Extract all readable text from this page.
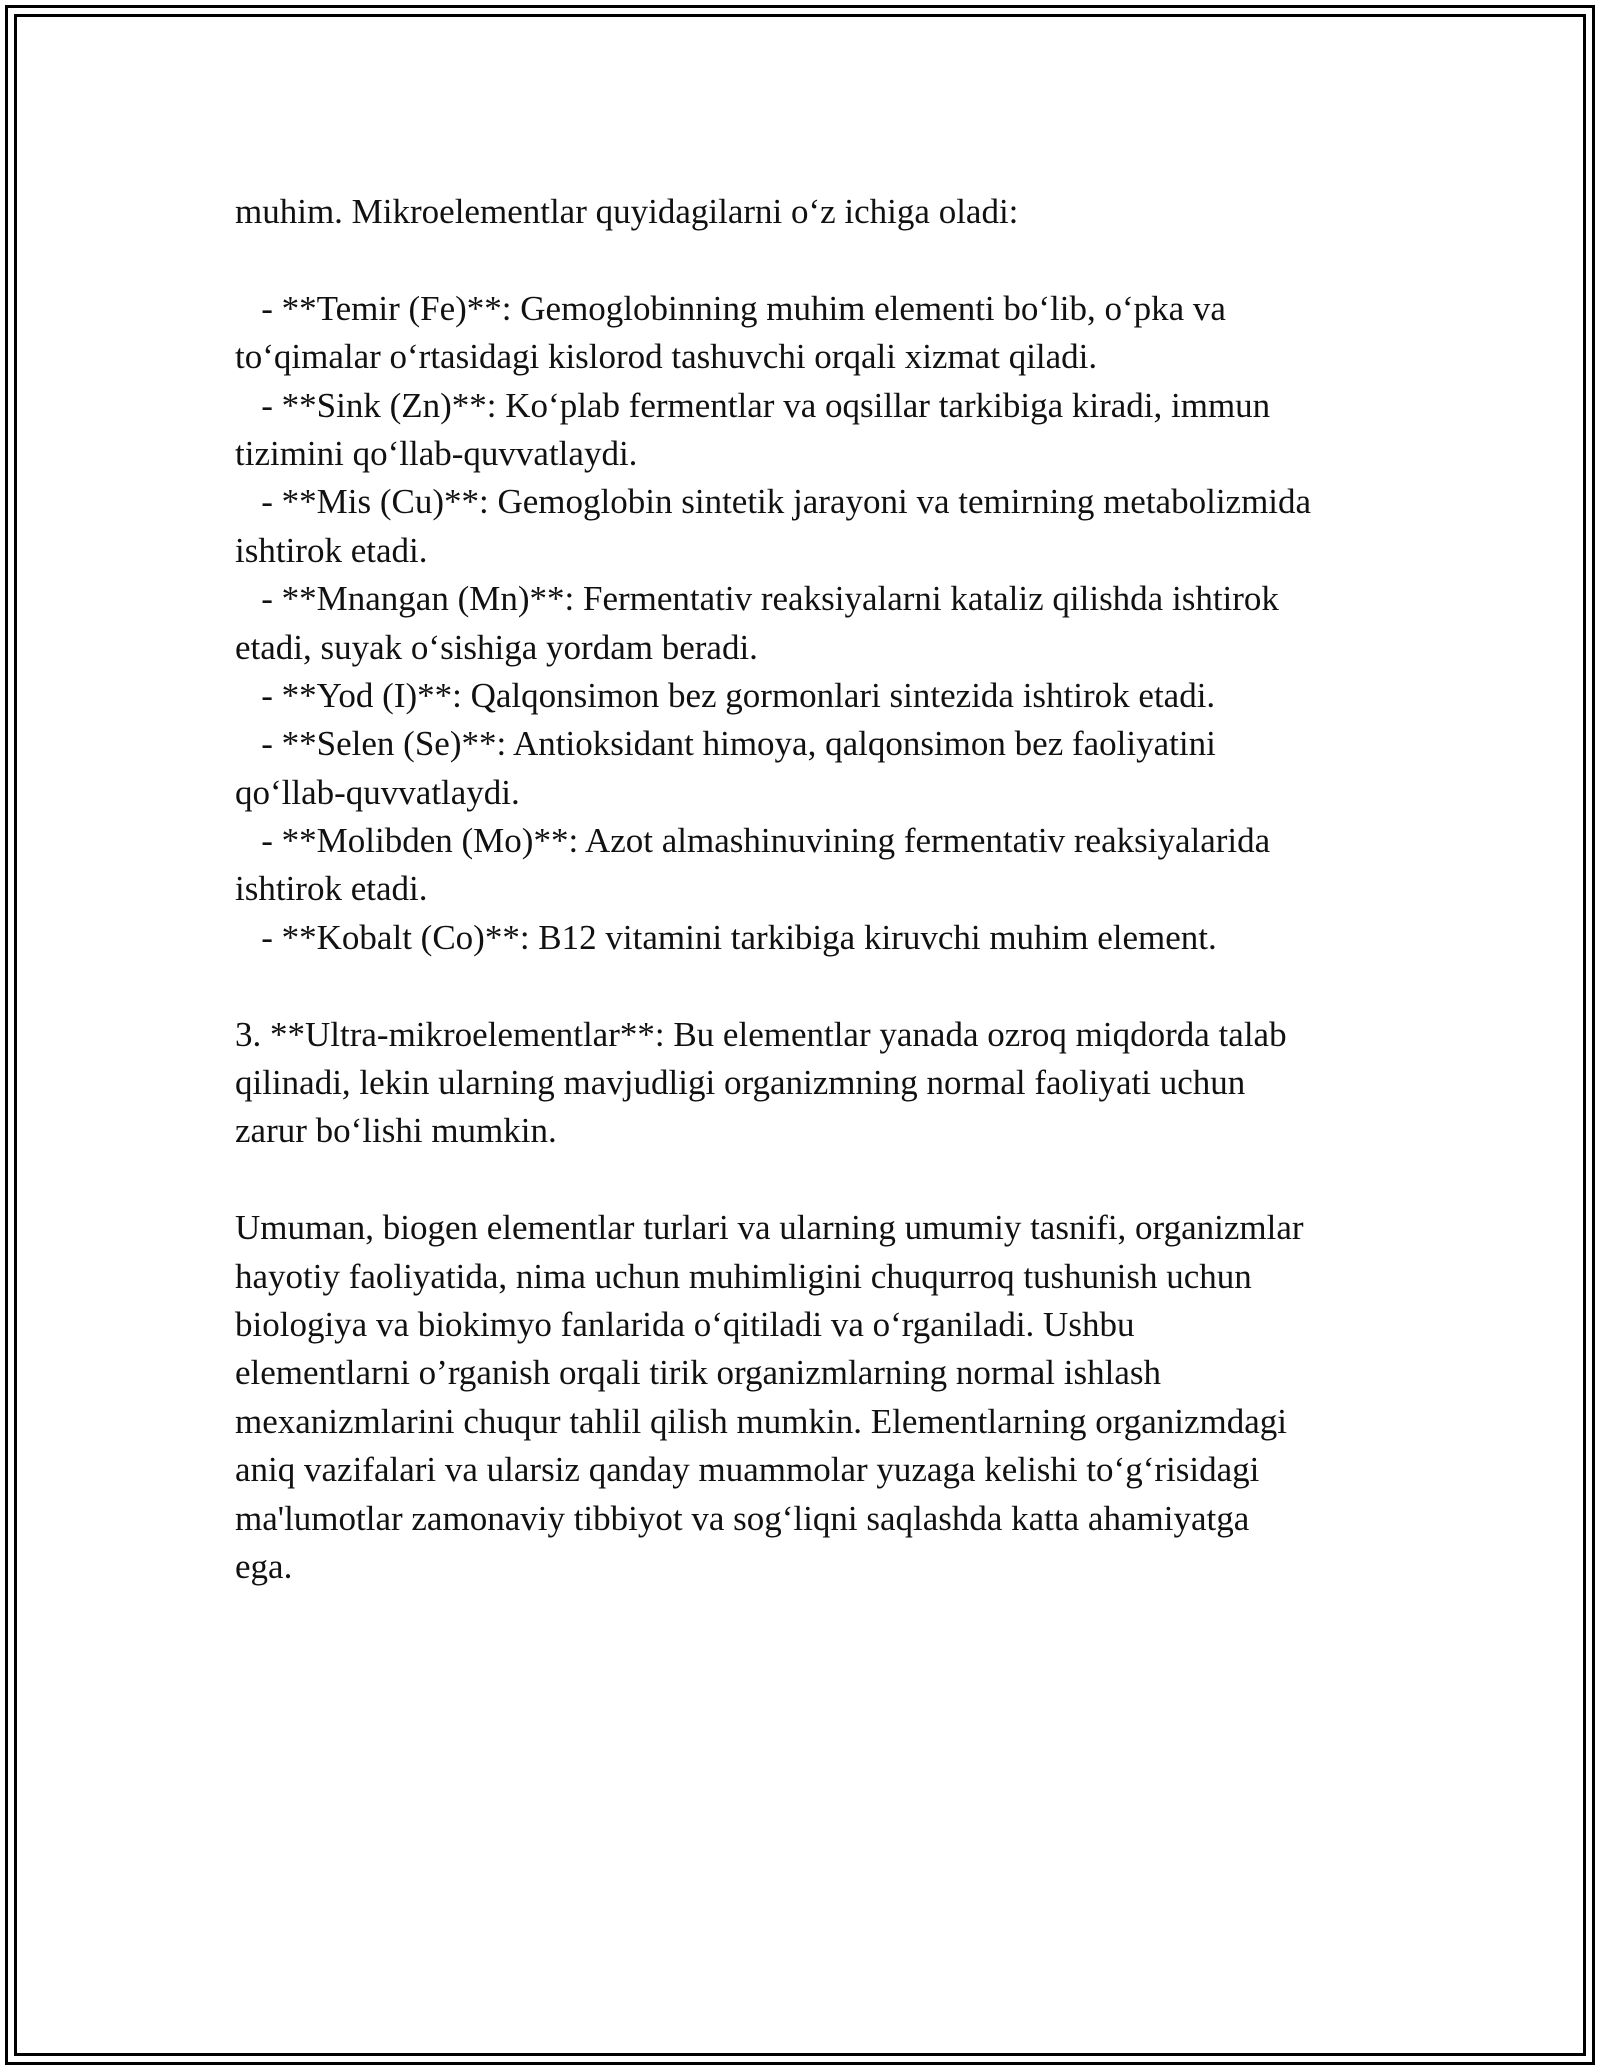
muhim. Mikroelementlar quyidagilarni o‘z ichiga oladi:
- **Temir (Fe)**: Gemoglobinning muhim elementi bo‘lib, o‘pka va
to‘qimalar o‘rtasidagi kislorod tashuvchi orqali xizmat qiladi.
- **Sink (Zn)**: Ko‘plab fermentlar va oqsillar tarkibiga kiradi, immun
tizimini qo‘llab-quvvatlaydi.
- **Mis (Cu)**: Gemoglobin sintetik jarayoni va temirning metabolizmida
ishtirok etadi.
- **Mnangan (Mn)**: Fermentativ reaksiyalarni kataliz qilishda ishtirok
etadi, suyak o‘sishiga yordam beradi.
- **Yod (I)**: Qalqonsimon bez gormonlari sintezida ishtirok etadi.
- **Selen (Se)**: Antioksidant himoya, qalqonsimon bez faoliyatini
qo‘llab-quvvatlaydi.
- **Molibden (Mo)**: Azot almashinuvining fermentativ reaksiyalarida
ishtirok etadi.
- **Kobalt (Co)**: B12 vitamini tarkibiga kiruvchi muhim element.
3. **Ultra-mikroelementlar**: Bu elementlar yanada ozroq miqdorda talab
qilinadi, lekin ularning mavjudligi organizmning normal faoliyati uchun
zarur bo‘lishi mumkin.
Umuman, biogen elementlar turlari va ularning umumiy tasnifi, organizmlar
hayotiy faoliyatida, nima uchun muhimligini chuqurroq tushunish uchun
biologiya va biokimyo fanlarida o‘qitiladi va o‘rganiladi. Ushbu
elementlarni o’rganish orqali tirik organizmlarning normal ishlash
mexanizmlarini chuqur tahlil qilish mumkin. Elementlarning organizmdagi
aniq vazifalari va ularsiz qanday muammolar yuzaga kelishi to‘g‘risidagi
ma'lumotlar zamonaviy tibbiyot va sog‘liqni saqlashda katta ahamiyatga
ega.
